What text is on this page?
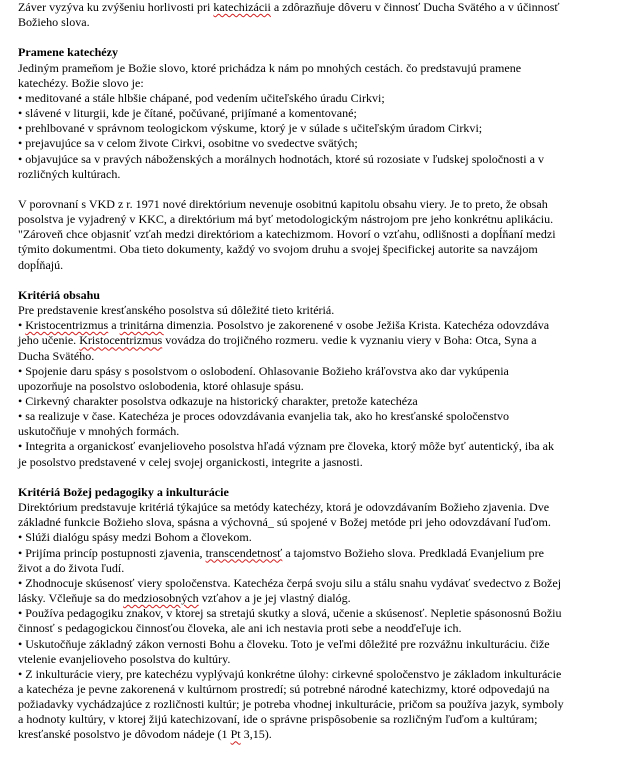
Záver vyzýva ku zvýšeniu horlivosti pri katechizácii a zdôrazňuje dôveru v činnosť Ducha Svätého a v účinnosť

Božieho slova.

Pramene katechézy

Jediným prameňom je Božie slovo, ktoré prichádza k nám po mnohých cestách. čo predstavujú pramene

katechézy. Božie slovo je:

• meditované a stále hlbšie chápané, pod vedením učiteľského úradu Cirkvi;

• slávené v liturgii, kde je čítané, počúvané, prijímané a komentované;

• prehlbované v správnom teologickom výskume, ktorý je v súlade s učiteľským úradom Cirkvi;

• prejavujúce sa v celom živote Cirkvi, osobitne vo svedectve svätých;

• objavujúce sa v pravých náboženských a morálnych hodnotách, ktoré sú rozosiate v ľudskej spoločnosti a v

rozličných kultúrach.

V porovnaní s VKD z r. 1971 nové direktórium nevenuje osobitnú kapitolu obsahu viery. Je to preto, že obsah

posolstva je vyjadrený v KKC, a direktórium má byť metodologickým nástrojom pre jeho konkrétnu aplikáciu.

"Zároveň chce objasniť vzťah medzi direktóriom a katechizmom. Hovorí o vzťahu, odlišnosti a dopĺňaní medzi

týmito dokumentmi. Oba tieto dokumenty, každý vo svojom druhu a svojej špecifickej autorite sa navzájom

dopĺňajú.

Kritériá obsahu

Pre predstavenie kresťanského posolstva sú dôležité tieto kritériá.

• Kristocentrizmus a trinitárna dimenzia. Posolstvo je zakorenené v osobe Ježiša Krista. Katechéza odovzdáva

jeho učenie. Kristocentrizmus vovádza do trojičného rozmeru. vedie k vyznaniu viery v Boha: Otca, Syna a

Ducha Svätého.

• Spojenie daru spásy s posolstvom o oslobodení. Ohlasovanie Božieho kráľovstva ako dar vykúpenia

upozorňuje na posolstvo oslobodenia, ktoré ohlasuje spásu.

• Cirkevný charakter posolstva odkazuje na historický charakter, pretože katechéza

• sa realizuje v čase. Katechéza je proces odovzdávania evanjelia tak, ako ho kresťanské spoločenstvo

uskutočňuje v mnohých formách.

• Integrita a organickosť evanjelioveho posolstva hľadá význam pre človeka, ktorý môže byť autentický, iba ak

je posolstvo predstavené v celej svojej organickosti, integrite a jasnosti.

Kritériá Božej pedagogiky a inkulturácie

Direktórium predstavuje kritériá týkajúce sa metódy katechézy, ktorá je odovzdávaním Božieho zjavenia. Dve

základné funkcie Božieho slova, spásna a výchovná_ sú spojené v Božej metóde pri jeho odovzdávaní ľuďom.

• Slúži dialógu spásy medzi Bohom a človekom.

• Prijíma princíp postupnosti zjavenia, transcendetnosť a tajomstvo Božieho slova. Predkladá Evanjelium pre

život a do života ľudí.

• Zhodnocuje skúsenosť viery spoločenstva. Katechéza čerpá svoju silu a stálu snahu vydávať svedectvo z Božej

lásky. Včleňuje sa do medziosobných vzťahov a je jej vlastný dialóg.

• Používa pedagogiku znakov, v ktorej sa stretajú skutky a slová, učenie a skúsenosť. Nepletie spásonosnú Božiu

činnosť s pedagogickou činnosťou človeka, ale ani ich nestavia proti sebe a neodďeľuje ich.

• Uskutočňuje základný zákon vernosti Bohu a človeku. Toto je veľmi dôležité pre rozvážnu inkulturáciu. čiže

vtelenie evanjelioveho posolstva do kultúry.

• Z inkulturácie viery, pre katechézu vyplývajú konkrétne úlohy: cirkevné spoločenstvo je základom inkulturácie

a katechéza je pevne zakorenená v kultúrnom prostredí; sú potrebné národné katechizmy, ktoré odpovedajú na

požiadavky vychádzajúce z rozličnosti kultúr; je potreba vhodnej inkulturácie, pričom sa používa jazyk, symboly

a hodnoty kultúry, v ktorej žijú katechizovaní, ide o správne prispôsobenie sa rozličným ľuďom a kultúram;

kresťanské posolstvo je dôvodom nádeje (1 Pt 3,15).
